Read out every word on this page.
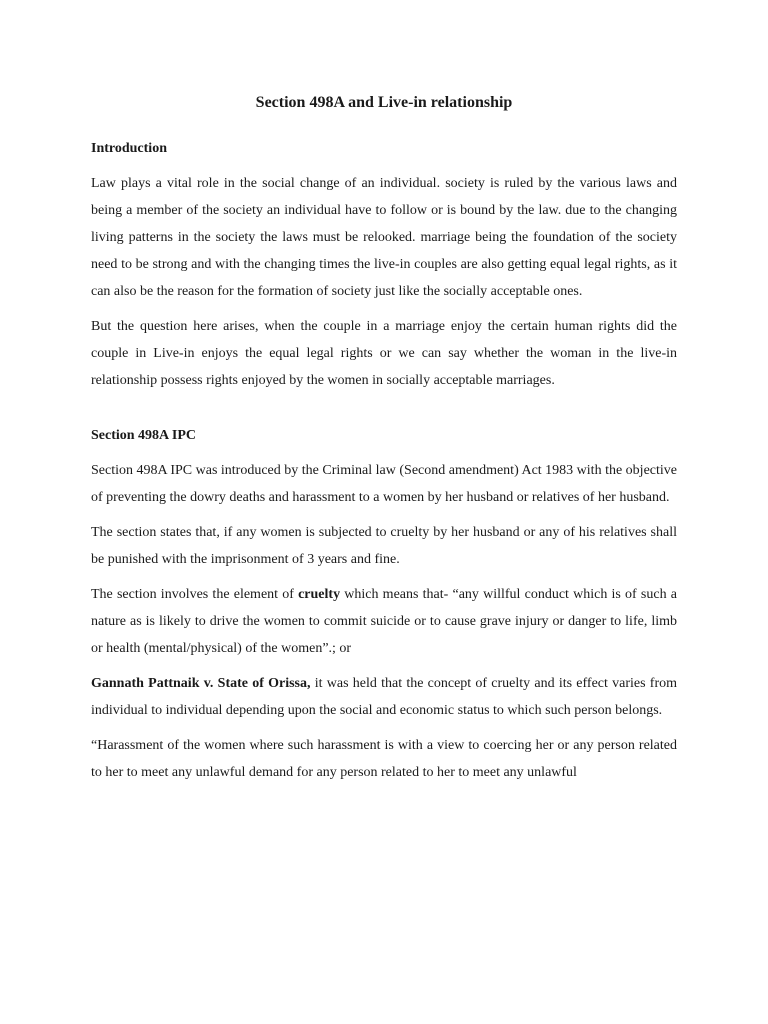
Section 498A and Live-in relationship
Introduction

Law plays a vital role in the social change of an individual. society is ruled by the various laws and being a member of the society an individual have to follow or is bound by the law. due to the changing living patterns in the society the laws must be relooked. marriage being the foundation of the society need to be strong and with the changing times the live-in couples are also getting equal legal rights, as it can also be the reason for the formation of society just like the socially acceptable ones.

But the question here arises, when the couple in a marriage enjoy the certain human rights did the couple in Live-in enjoys the equal legal rights or we can say whether the woman in the live-in relationship possess rights enjoyed by the women in socially acceptable marriages.

Section 498A IPC

Section 498A IPC was introduced by the Criminal law (Second amendment) Act 1983 with the objective of preventing the dowry deaths and harassment to a women by her husband or relatives of her husband.

The section states that, if any women is subjected to cruelty by her husband or any of his relatives shall be punished with the imprisonment of 3 years and fine.

The section involves the element of cruelty which means that- “any willful conduct which is of such a nature as is likely to drive the women to commit suicide or to cause grave injury or danger to life, limb or health (mental/physical) of the women”.; or

Gannath Pattnaik v. State of Orissa, it was held that the concept of cruelty and its effect varies from individual to individual depending upon the social and economic status to which such person belongs.

“Harassment of the women where such harassment is with a view to coercing her or any person related to her to meet any unlawful demand for any person related to her to meet any unlawful
